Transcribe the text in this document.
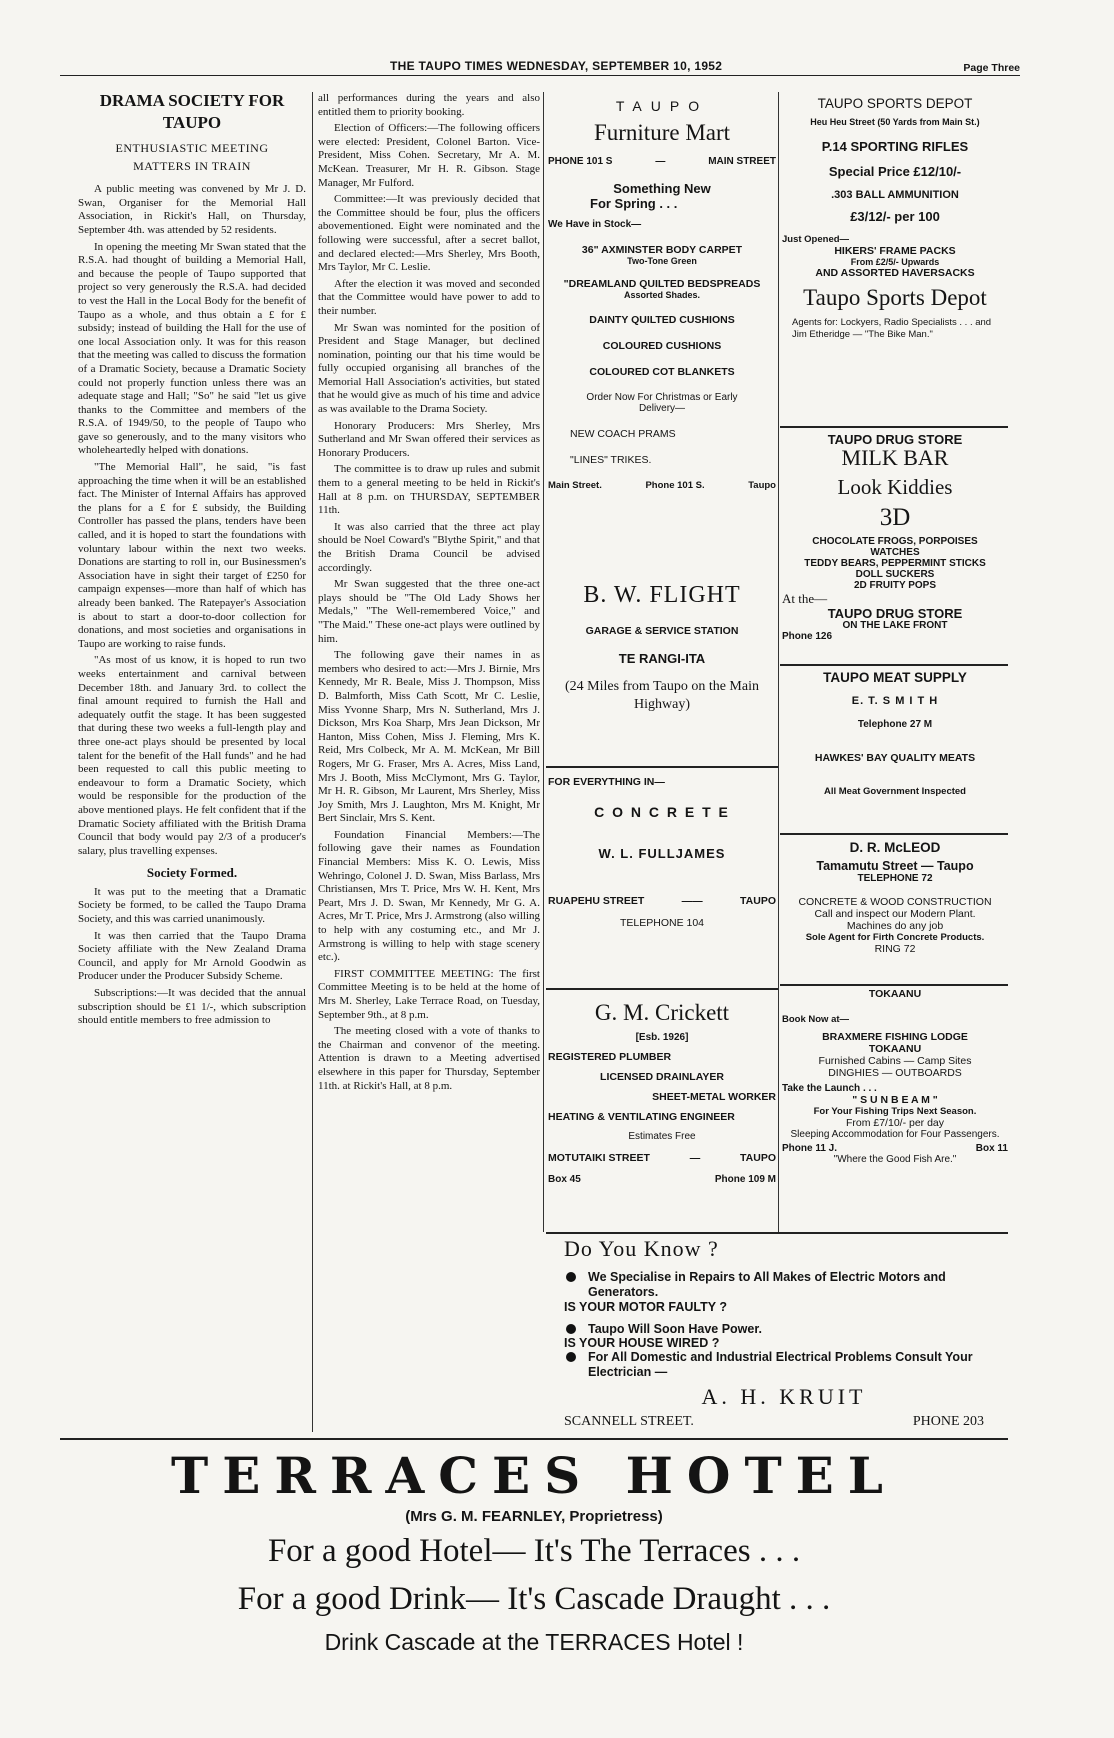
THE TAUPO TIMES WEDNESDAY, SEPTEMBER 10, 1952	Page Three
DRAMA SOCIETY FOR TAUPO
ENTHUSIASTIC MEETING
MATTERS IN TRAIN

A public meeting was convened by Mr J. D. Swan, Organiser for the Memorial Hall Association, in Rickit's Hall, on Thursday, September 4th. was attended by 52 residents.

In opening the meeting Mr Swan stated that the R.S.A. had thought of building a Memorial Hall, and because the people of Taupo supported that project so very generously the R.S.A. had decided to vest the Hall in the Local Body for the benefit of Taupo as a whole, and thus obtain a £ for £ subsidy; instead of building the Hall for the use of one local Association only. It was for this reason that the meeting was called to discuss the formation of a Dramatic Society, because a Dramatic Society could not properly function unless there was an adequate stage and Hall; "So" he said "let us give thanks to the Committee and members of the R.S.A. of 1949/50, to the people of Taupo who gave so generously, and to the many visitors who wholeheartedly helped with donations.

"The Memorial Hall", he said, "is fast approaching the time when it will be an established fact. The Minister of Internal Affairs has approved the plans for a £ for £ subsidy, the Building Controller has passed the plans, tenders have been called, and it is hoped to start the foundations with voluntary labour within the next two weeks. Donations are starting to roll in, our Businessmen's Association have in sight their target of £250 for campaign expenses—more than half of which has already been banked. The Ratepayer's Association is about to start a door-to-door collection for donations, and most societies and organisations in Taupo are working to raise funds.

"As most of us know, it is hoped to run two weeks entertainment and carnival between December 18th. and January 3rd. to collect the final amount required to furnish the Hall and adequately outfit the stage. It has been suggested that during these two weeks a full-length play and three one-act plays should be presented by local talent for the benefit of the Hall funds" and he had been requested to call this public meeting to endeavour to form a Dramatic Society, which would be responsible for the production of the above mentioned plays. He felt confident that if the Dramatic Society affiliated with the British Drama Council that body would pay 2/3 of a producer's salary, plus travelling expenses.

Society Formed.

It was put to the meeting that a Dramatic Society be formed, to be called the Taupo Drama Society, and this was carried unanimously.

It was then carried that the Taupo Drama Society affiliate with the New Zealand Drama Council, and apply for Mr Arnold Goodwin as Producer under the Producer Subsidy Scheme.

Subscriptions:—It was decided that the annual subscription should be £1 1/-, which subscription should entitle members to free admission to

all performances during the years and also entitled them to priority booking.

Election of Officers:—The following officers were elected: President, Colonel Barton. Vice-President, Miss Cohen. Secretary, Mr A. M. McKean. Treasurer, Mr H. R. Gibson. Stage Manager, Mr Fulford.

Committee:—It was previously decided that the Committee should be four, plus the officers abovementioned. Eight were nominated and the following were successful, after a secret ballot, and declared elected:—Mrs Sherley, Mrs Booth, Mrs Taylor, Mr C. Leslie.

After the election it was moved and seconded that the Committee would have power to add to their number.

Mr Swan was nominted for the position of President and Stage Manager, but declined nomination, pointing our that his time would be fully occupied organising all branches of the Memorial Hall Association's activities, but stated that he would give as much of his time and advice as was available to the Drama Society.

Honorary Producers: Mrs Sherley, Mrs Sutherland and Mr Swan offered their services as Honorary Producers.

The committee is to draw up rules and submit them to a general meeting to be held in Rickit's Hall at 8 p.m. on THURSDAY, SEPTEMBER 11th.

It was also carried that the three act play should be Noel Coward's "Blythe Spirit," and that the British Drama Council be advised accordingly.

Mr Swan suggested that the three one-act plays should be "The Old Lady Shows her Medals," "The Well-remembered Voice," and "The Maid." These one-act plays were outlined by him.

The following gave their names in as members who desired to act:—Mrs J. Birnie, Mrs Kennedy, Mr R. Beale, Miss J. Thompson, Miss D. Balmforth, Miss Cath Scott, Mr C. Leslie, Miss Yvonne Sharp, Mrs N. Sutherland, Mrs J. Dickson, Mrs Koa Sharp, Mrs Jean Dickson, Mr Hanton, Miss Cohen, Miss J. Fleming, Mrs K. Reid, Mrs Colbeck, Mr A. M. McKean, Mr Bill Rogers, Mr G. Fraser, Mrs A. Acres, Miss Land, Mrs J. Booth, Miss McClymont, Mrs G. Taylor, Mr H. R. Gibson, Mr Laurent, Mrs Sherley, Miss Joy Smith, Mrs J. Laughton, Mrs M. Knight, Mr Bert Sinclair, Mrs S. Kent.

Foundation Financial Members:—The following gave their names as Foundation Financial Members: Miss K. O. Lewis, Miss Wehringo, Colonel J. D. Swan, Miss Barlass, Mrs Christiansen, Mrs T. Price, Mrs W. H. Kent, Mrs Peart, Mrs J. D. Swan, Mr Kennedy, Mr G. A. Acres, Mr T. Price, Mrs J. Armstrong (also willing to help with any costuming etc., and Mr J. Armstrong is willing to help with stage scenery etc.).

FIRST COMMITTEE MEETING: The first Committee Meeting is to be held at the home of Mrs M. Sherley, Lake Terrace Road, on Tuesday, September 9th., at 8 p.m.

The meeting closed with a vote of thanks to the Chairman and convenor of the meeting. Attention is drawn to a Meeting advertised elsewhere in this paper for Thursday, September 11th. at Rickit's Hall, at 8 p.m.

TAUPO
Furniture Mart
PHONE 101 S	—	MAIN STREET
Something New
For Spring . . .
We Have in Stock—
36" AXMINSTER BODY CARPET
Two-Tone Green
"DREAMLAND QUILTED BEDSPREADS
Assorted Shades.
DAINTY QUILTED CUSHIONS
COLOURED CUSHIONS
COLOURED COT BLANKETS
Order Now For Christmas or Early Delivery—
NEW COACH PRAMS
"LINES" TRIKES.
Main Street.	Phone 101 S.	Taupo
B. W. FLIGHT
GARAGE & SERVICE STATION
TE RANGI-ITA
(24 Miles from Taupo on the Main Highway)
FOR EVERYTHING IN—
C O N C R E T E
W. L. FULLJAMES
RUAPEHU STREET	——	TAUPO
TELEPHONE 104
G. M. Crickett
[Esb. 1926]
REGISTERED PLUMBER
LICENSED DRAINLAYER
SHEET-METAL WORKER
HEATING & VENTILATING ENGINEER
Estimates Free
MOTUTAIKI STREET	—	TAUPO
Box 45	Phone 109 M
TAUPO SPORTS DEPOT
Heu Heu Street (50 Yards from Main St.)
P.14 SPORTING RIFLES
Special Price £12/10/-
.303 BALL AMMUNITION
£3/12/- per 100
Just Opened—
HIKERS' FRAME PACKS
From £2/5/- Upwards
AND ASSORTED HAVERSACKS
Taupo Sports Depot
Agents for: Lockyers, Radio Specialists . . . and Jim Etheridge — "The Bike Man."
TAUPO DRUG STORE
MILK BAR
Look Kiddies
3D
CHOCOLATE FROGS, PORPOISES
WATCHES
TEDDY BEARS, PEPPERMINT STICKS
DOLL SUCKERS
2D FRUITY POPS
At the—
TAUPO DRUG STORE
ON THE LAKE FRONT
Phone 126
TAUPO MEAT SUPPLY
E. T. S M I T H
Telephone 27 M
HAWKES' BAY QUALITY MEATS
All Meat Government Inspected
D. R. McLEOD
Tamamutu Street — Taupo
TELEPHONE 72
CONCRETE & WOOD CONSTRUCTION
Call and inspect our Modern Plant.
Machines do any job
Sole Agent for Firth Concrete Products.
RING 72
TOKAANU
Book Now at—
BRAXMERE FISHING LODGE
TOKAANU
Furnished Cabins — Camp Sites
DINGHIES — OUTBOARDS
Take the Launch . . .
" S U N B E A M "
For Your Fishing Trips Next Season.
From £7/10/- per day
Sleeping Accommodation for Four Passengers.
Phone 11 J.	Box 11
"Where the Good Fish Are."
Do You Know ?
We Specialise in Repairs to All Makes of Electric Motors and Generators.
IS YOUR MOTOR FAULTY ?
Taupo Will Soon Have Power.
IS YOUR HOUSE WIRED ?
For All Domestic and Industrial Electrical Problems Consult Your Electrician —
A. H. KRUIT
SCANNELL STREET.	PHONE 203
TERRACES HOTEL
(Mrs G. M. FEARNLEY, Proprietress)
For a good Hotel— It's The Terraces . . .
For a good Drink— It's Cascade Draught . . .
Drink Cascade at the TERRACES Hotel !
